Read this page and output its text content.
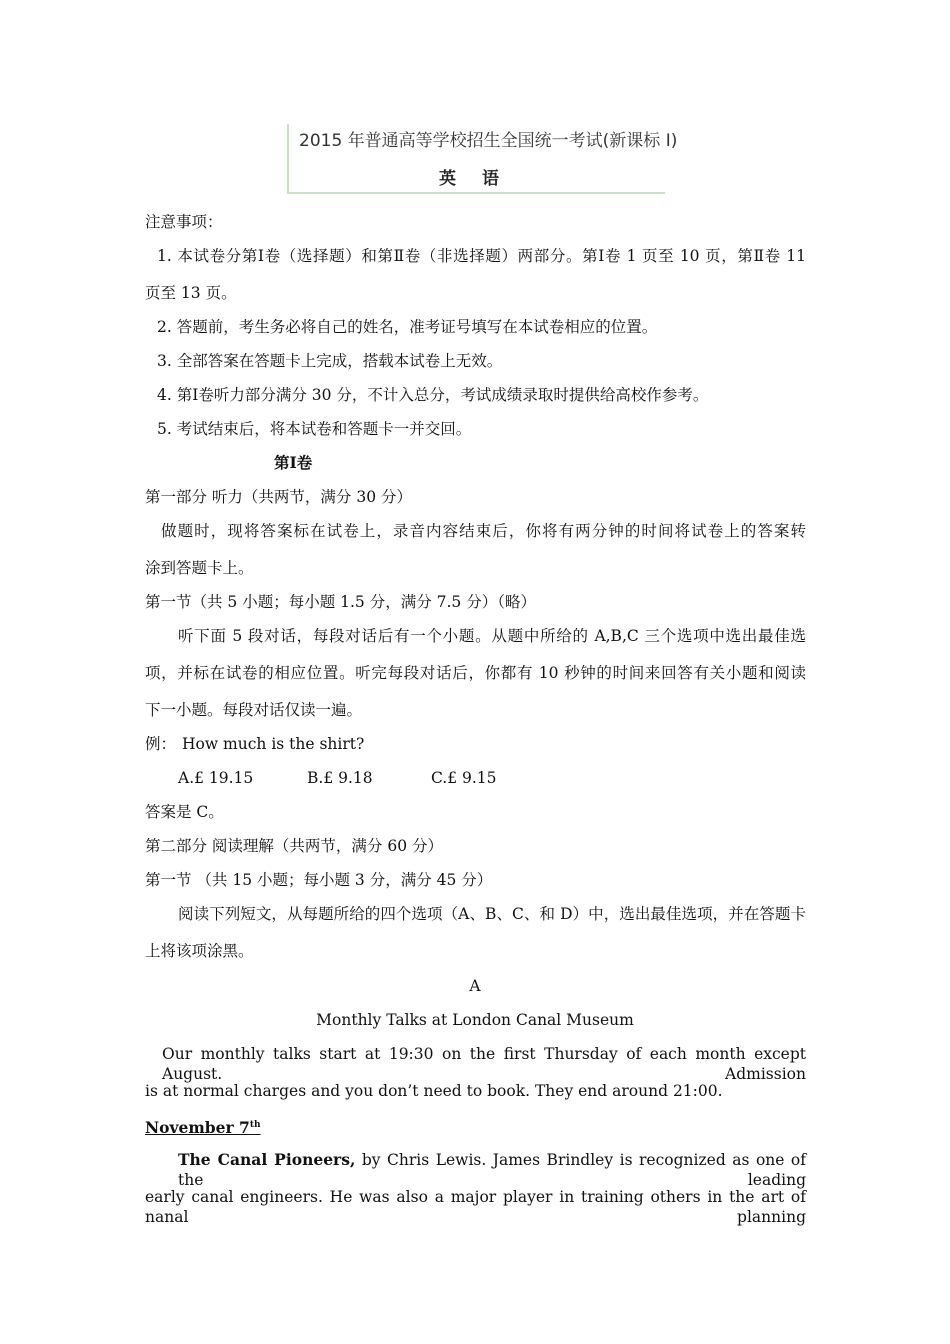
2015 年普通高等学校招生全国统一考试(新课标 I)
英语
注意事项：
1. 本试卷分第Ⅰ卷（选择题）和第Ⅱ卷（非选择题）两部分。第Ⅰ卷 1 页至 10 页，第Ⅱ卷 11
页至 13 页。
2. 答题前，考生务必将自己的姓名，准考证号填写在本试卷相应的位置。
3. 全部答案在答题卡上完成，搭载本试卷上无效。
4. 第Ⅰ卷听力部分满分 30 分，不计入总分，考试成绩录取时提供给高校作参考。
5. 考试结束后，将本试卷和答题卡一并交回。
第Ⅰ卷
第一部分 听力（共两节，满分 30 分）
做题时，现将答案标在试卷上，录音内容结束后，你将有两分钟的时间将试卷上的答案转
涂到答题卡上。
第一节（共 5 小题；每小题 1.5 分，满分 7.5 分）（略）
听下面 5 段对话，每段对话后有一个小题。从题中所给的 A,B,C 三个选项中选出最佳选
项，并标在试卷的相应位置。听完每段对话后，你都有 10 秒钟的时间来回答有关小题和阅读
下一小题。每段对话仅读一遍。
例： How much is the shirt?
A.£ 19.15	B.£ 9.18	C.£ 9.15
答案是 C。
第二部分 阅读理解（共两节，满分 60 分）
第一节 （共 15 小题；每小题 3 分，满分 45 分）
阅读下列短文，从每题所给的四个选项（A、B、C、和 D）中，选出最佳选项，并在答题卡
上将该项涂黑。
A
Monthly Talks at London Canal Museum
Our monthly talks start at 19:30 on the first Thursday of each month except August. Admission
is at normal charges and you don’t need to book. They end around 21:00.
November 7th
The Canal Pioneers, by Chris Lewis. James Brindley is recognized as one of the leading
early canal engineers. He was also a major player in training others in the art of nanal planning
